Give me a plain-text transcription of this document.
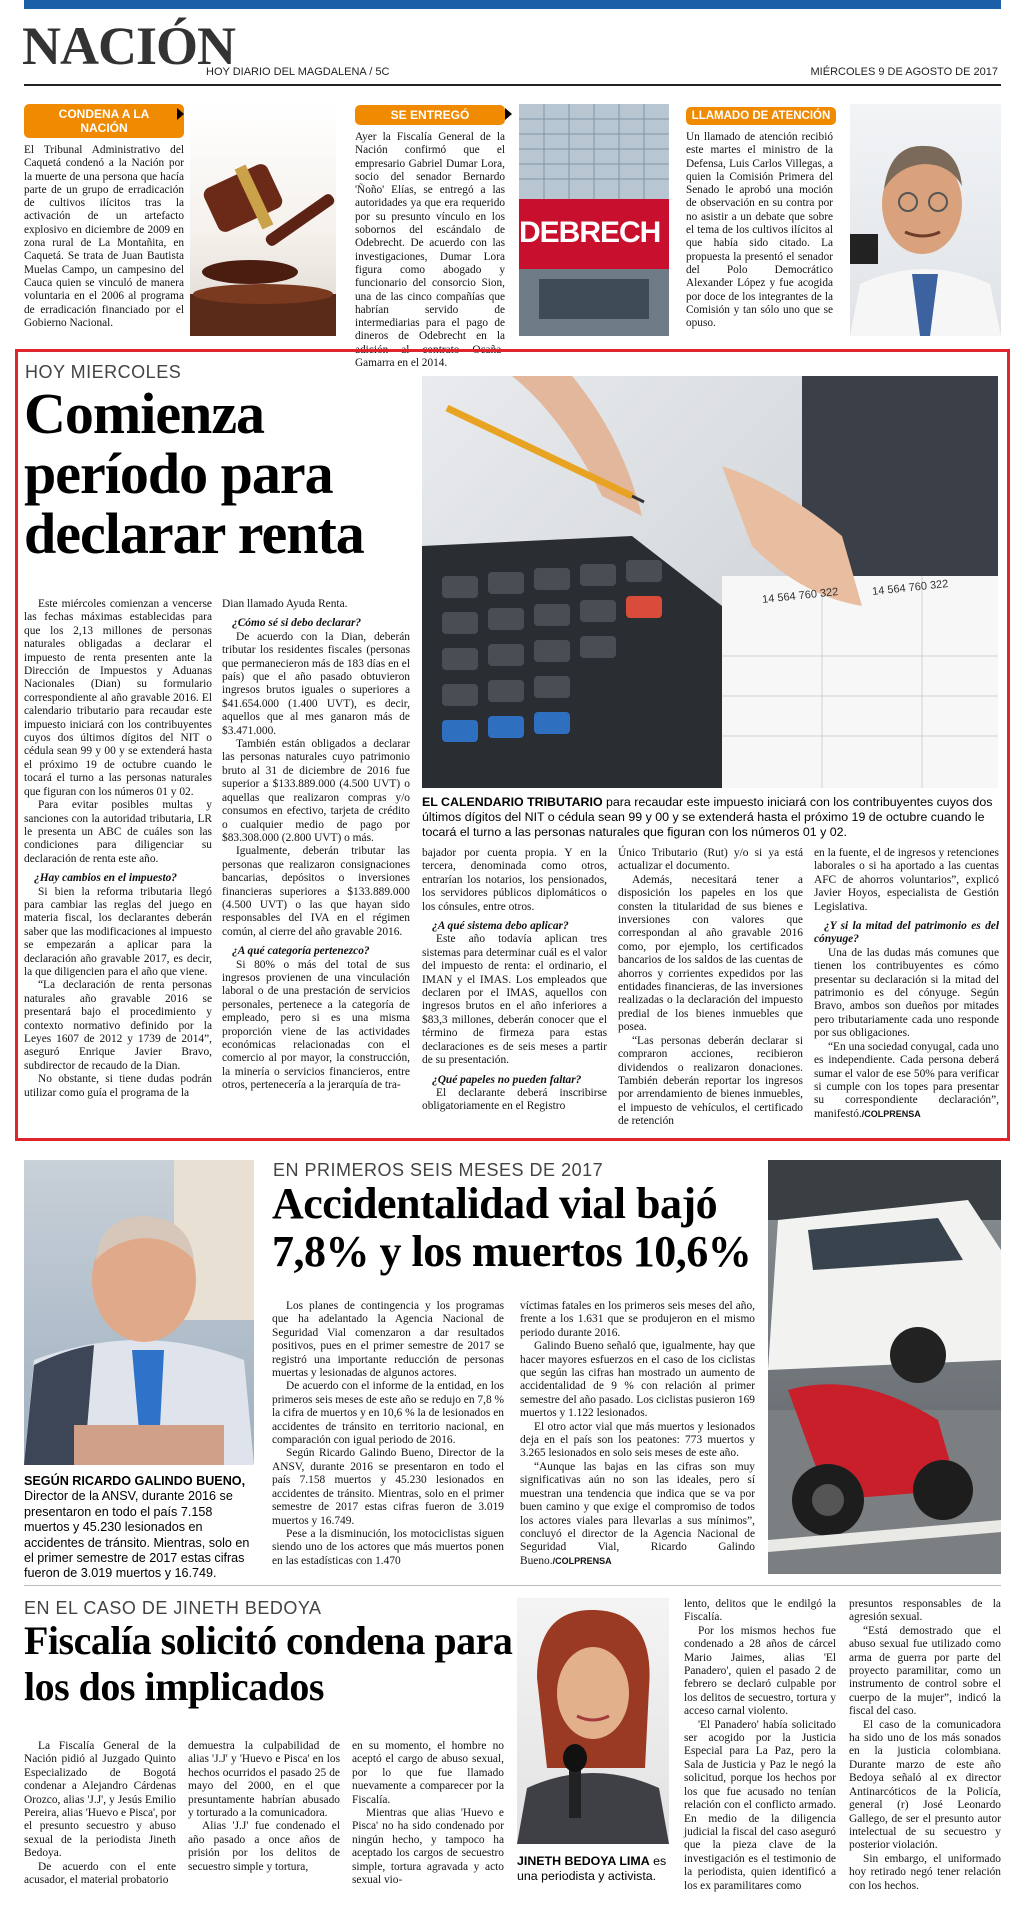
NACIÓN
HOY DIARIO DEL MAGDALENA / 5C	MIÉRCOLES 9 DE AGOSTO DE 2017
CONDENA A LA NACIÓN
El Tribunal Administrativo del Caquetá condenó a la Nación por la muerte de una persona que hacía parte de un grupo de erradicación de cultivos ilícitos tras la activación de un artefacto explosivo en diciembre de 2009 en zona rural de La Montañita, en Caquetá. Se trata de Juan Bautista Muelas Campo, un campesino del Cauca quien se vinculó de manera voluntaria en el 2006 al programa de erradicación financiado por el Gobierno Nacional.
SE ENTREGÓ
Ayer la Fiscalía General de la Nación confirmó que el empresario Gabriel Dumar Lora, socio del senador Bernardo 'Ñoño' Elías, se entregó a las autoridades ya que era requerido por su presunto vínculo en los sobornos del escándalo de Odebrecht. De acuerdo con las investigaciones, Dumar Lora figura como abogado y funcionario del consorcio Sion, una de las cinco compañías que habrían servido de intermediarias para el pago de dineros de Odebrecht en la adición al contrato Ocaña-Gamarra en el 2014.
DEBRECH
LLAMADO DE ATENCIÓN
Un llamado de atención recibió este martes el ministro de la Defensa, Luis Carlos Villegas, a quien la Comisión Primera del Senado le aprobó una moción de observación en su contra por no asistir a un debate que sobre el tema de los cultivos ilícitos al que había sido citado. La propuesta la presentó el senador del Polo Democrático Alexander López y fue acogida por doce de los integrantes de la Comisión y tan sólo uno que se opuso.
HOY MIERCOLES
Comienza período para declarar renta
14 564 760 322	14 564 760 322
EL CALENDARIO TRIBUTARIO para recaudar este impuesto iniciará con los contribuyentes cuyos dos últimos dígitos del NIT o cédula sean 99 y 00 y se extenderá hasta el próximo 19 de octubre cuando le tocará el turno a las personas naturales que figuran con los números 01 y 02.

Este miércoles comienzan a vencerse las fechas máximas establecidas para que los 2,13 millones de personas naturales obligadas a declarar el impuesto de renta presenten ante la Dirección de Impuestos y Aduanas Nacionales (Dian) su formulario correspondiente al año gravable 2016. El calendario tributario para recaudar este impuesto iniciará con los contribuyentes cuyos dos últimos dígitos del NIT o cédula sean 99 y 00 y se extenderá hasta el próximo 19 de octubre cuando le tocará el turno a las personas naturales que figuran con los números 01 y 02.

Para evitar posibles multas y sanciones con la autoridad tributaria, LR le presenta un ABC de cuáles son las condiciones para diligenciar su declaración de renta este año.

¿Hay cambios en el impuesto?

Si bien la reforma tributaria llegó para cambiar las reglas del juego en materia fiscal, los declarantes deberán saber que las modificaciones al impuesto se empezarán a aplicar para la declaración año gravable 2017, es decir, la que diligencien para el año que viene.

“La declaración de renta personas naturales año gravable 2016 se presentará bajo el procedimiento y contexto normativo definido por la Leyes 1607 de 2012 y 1739 de 2014”, aseguró Enrique Javier Bravo, subdirector de recaudo de la Dian.

No obstante, si tiene dudas podrán utilizar como guía el programa de la

Dian llamado Ayuda Renta.

¿Cómo sé si debo declarar?

De acuerdo con la Dian, deberán tributar los residentes fiscales (personas que permanecieron más de 183 días en el país) que el año pasado obtuvieron ingresos brutos iguales o superiores a $41.654.000 (1.400 UVT), es decir, aquellos que al mes ganaron más de $3.471.000.

También están obligados a declarar las personas naturales cuyo patrimonio bruto al 31 de diciembre de 2016 fue superior a $133.889.000 (4.500 UVT) o aquellas que realizaron compras y/o consumos en efectivo, tarjeta de crédito o cualquier medio de pago por $83.308.000 (2.800 UVT) o más.

Igualmente, deberán tributar las personas que realizaron consignaciones bancarias, depósitos o inversiones financieras superiores a $133.889.000 (4.500 UVT) o las que hayan sido responsables del IVA en el régimen común, al cierre del año gravable 2016.

¿A qué categoría pertenezco?

Si 80% o más del total de sus ingresos provienen de una vinculación laboral o de una prestación de servicios personales, pertenece a la categoría de empleado, pero si es una misma proporción viene de las actividades económicas relacionadas con el comercio al por mayor, la construcción, la minería o servicios financieros, entre otros, pertenecería a la jerarquía de tra-

bajador por cuenta propia. Y en la tercera, denominada como otros, entrarían los notarios, los pensionados, los servidores públicos diplomáticos o los cónsules, entre otros.

¿A qué sistema debo aplicar?

Este año todavía aplican tres sistemas para determinar cuál es el valor del impuesto de renta: el ordinario, el IMAN y el IMAS. Los empleados que declaren por el IMAS, aquellos con ingresos brutos en el año inferiores a $83,3 millones, deberán conocer que el término de firmeza para estas declaraciones es de seis meses a partir de su presentación.

¿Qué papeles no pueden faltar?

El declarante deberá inscribirse obligatoriamente en el Registro

Único Tributario (Rut) y/o si ya está actualizar el documento.

Además, necesitará tener a disposición los papeles en los que consten la titularidad de sus bienes e inversiones con valores que correspondan al año gravable 2016 como, por ejemplo, los certificados bancarios de los saldos de las cuentas de ahorros y corrientes expedidos por las entidades financieras, de las inversiones realizadas o la declaración del impuesto predial de los bienes inmuebles que posea.

“Las personas deberán declarar si compraron acciones, recibieron dividendos o realizaron donaciones. También deberán reportar los ingresos por arrendamiento de bienes inmuebles, el impuesto de vehículos, el certificado de retención

en la fuente, el de ingresos y retenciones laborales o si ha aportado a las cuentas AFC de ahorros voluntarios”, explicó Javier Hoyos, especialista de Gestión Legislativa.

¿Y si la mitad del patrimonio es del cónyuge?

Una de las dudas más comunes que tienen los contribuyentes es cómo presentar su declaración si la mitad del patrimonio es del cónyuge. Según Bravo, ambos son dueños por mitades pero tributariamente cada uno responde por sus obligaciones.

“En una sociedad conyugal, cada uno es independiente. Cada persona deberá sumar el valor de ese 50% para verificar si cumple con los topes para presentar su correspondiente declaración”, manifestó./COLPRENSA

SEGÚN RICARDO GALINDO BUENO, Director de la ANSV, durante 2016 se presentaron en todo el país 7.158 muertos y 45.230 lesionados en accidentes de tránsito. Mientras, solo en el primer semestre de 2017 estas cifras fueron de 3.019 muertos y 16.749.
EN PRIMEROS SEIS MESES DE 2017
Accidentalidad vial bajó 7,8% y los muertos 10,6%

Los planes de contingencia y los programas que ha adelantado la Agencia Nacional de Seguridad Vial comenzaron a dar resultados positivos, pues en el primer semestre de 2017 se registró una importante reducción de personas muertas y lesionadas de algunos actores.

De acuerdo con el informe de la entidad, en los primeros seis meses de este año se redujo en 7,8 % la cifra de muertos y en 10,6 % la de lesionados en accidentes de tránsito en territorio nacional, en comparación con igual periodo de 2016.

Según Ricardo Galindo Bueno, Director de la ANSV, durante 2016 se presentaron en todo el país 7.158 muertos y 45.230 lesionados en accidentes de tránsito. Mientras, solo en el primer semestre de 2017 estas cifras fueron de 3.019 muertos y 16.749.

Pese a la disminución, los motociclistas siguen siendo uno de los actores que más muertos ponen en las estadísticas con 1.470

víctimas fatales en los primeros seis meses del año, frente a los 1.631 que se produjeron en el mismo periodo durante 2016.

Galindo Bueno señaló que, igualmente, hay que hacer mayores esfuerzos en el caso de los ciclistas que según las cifras han mostrado un aumento de accidentalidad de 9 % con relación al primer semestre del año pasado. Los ciclistas pusieron 169 muertos y 1.122 lesionados.

El otro actor vial que más muertos y lesionados deja en el país son los peatones: 773 muertos y 3.265 lesionados en solo seis meses de este año.

“Aunque las bajas en las cifras son muy significativas aún no son las ideales, pero sí muestran una tendencia que indica que se va por buen camino y que exige el compromiso de todos los actores viales para llevarlas a sus mínimos”, concluyó el director de la Agencia Nacional de Seguridad Vial, Ricardo Galindo Bueno./COLPRENSA

EN EL CASO DE JINETH BEDOYA
Fiscalía solicitó condena para los dos implicados

La Fiscalía General de la Nación pidió al Juzgado Quinto Especializado de Bogotá condenar a Alejandro Cárdenas Orozco, alias 'J.J', y Jesús Emilio Pereira, alias 'Huevo e Pisca', por el presunto secuestro y abuso sexual de la periodista Jineth Bedoya.

De acuerdo con el ente acusador, el material probatorio

demuestra la culpabilidad de alias 'J.J' y 'Huevo e Pisca' en los hechos ocurridos el pasado 25 de mayo del 2000, en el que presuntamente habrían abusado y torturado a la comunicadora.

Alias 'J.J' fue condenado el año pasado a once años de prisión por los delitos de secuestro simple y tortura,

en su momento, el hombre no aceptó el cargo de abuso sexual, por lo que fue llamado nuevamente a comparecer por la Fiscalía.

Mientras que alias 'Huevo e Pisca' no ha sido condenado por ningún hecho, y tampoco ha aceptado los cargos de secuestro simple, tortura agravada y acto sexual vio-

JINETH BEDOYA LIMA es una periodista y activista.

lento, delitos que le endilgó la Fiscalía.

Por los mismos hechos fue condenado a 28 años de cárcel Mario Jaimes, alias 'El Panadero', quien el pasado 2 de febrero se declaró culpable por los delitos de secuestro, tortura y acceso carnal violento.

'El Panadero' había solicitado ser acogido por la Justicia Especial para La Paz, pero la Sala de Justicia y Paz le negó la solicitud, porque los hechos por los que fue acusado no tenían relación con el conflicto armado. En medio de la diligencia judicial la fiscal del caso aseguró que la pieza clave de la investigación es el testimonio de la periodista, quien identificó a los ex paramilitares como

presuntos responsables de la agresión sexual.

“Está demostrado que el abuso sexual fue utilizado como arma de guerra por parte del proyecto paramilitar, como un instrumento de control sobre el cuerpo de la mujer”, indicó la fiscal del caso.

El caso de la comunicadora ha sido uno de los más sonados en la justicia colombiana. Durante marzo de este año Bedoya señaló al ex director Antinarcóticos de la Policía, general (r) José Leonardo Gallego, de ser el presunto autor intelectual de su secuestro y posterior violación.

Sin embargo, el uniformado hoy retirado negó tener relación con los hechos.
